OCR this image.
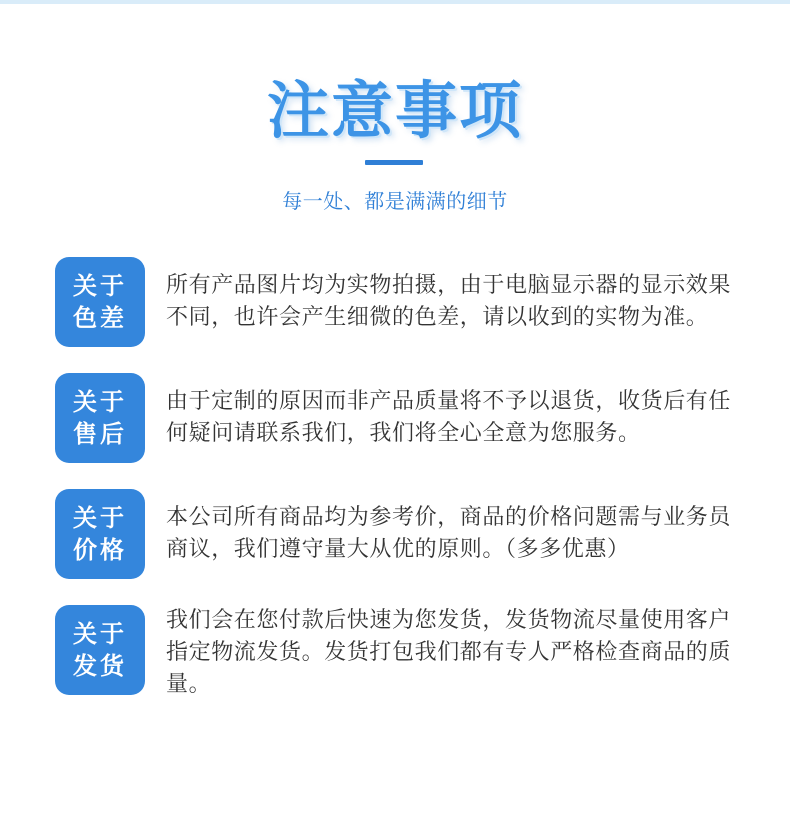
注意事项
每一处、都是满满的细节
关于
色差
所有产品图片均为实物拍摄，由于电脑显示器的显示效果不同，也许会产生细微的色差，请以收到的实物为准。
关于
售后
由于定制的原因而非产品质量将不予以退货，收货后有任何疑问请联系我们，我们将全心全意为您服务。
关于
价格
本公司所有商品均为参考价，商品的价格问题需与业务员商议，我们遵守量大从优的原则。（多多优惠）
关于
发货
我们会在您付款后快速为您发货，发货物流尽量使用客户指定物流发货。发货打包我们都有专人严格检查商品的质量。
